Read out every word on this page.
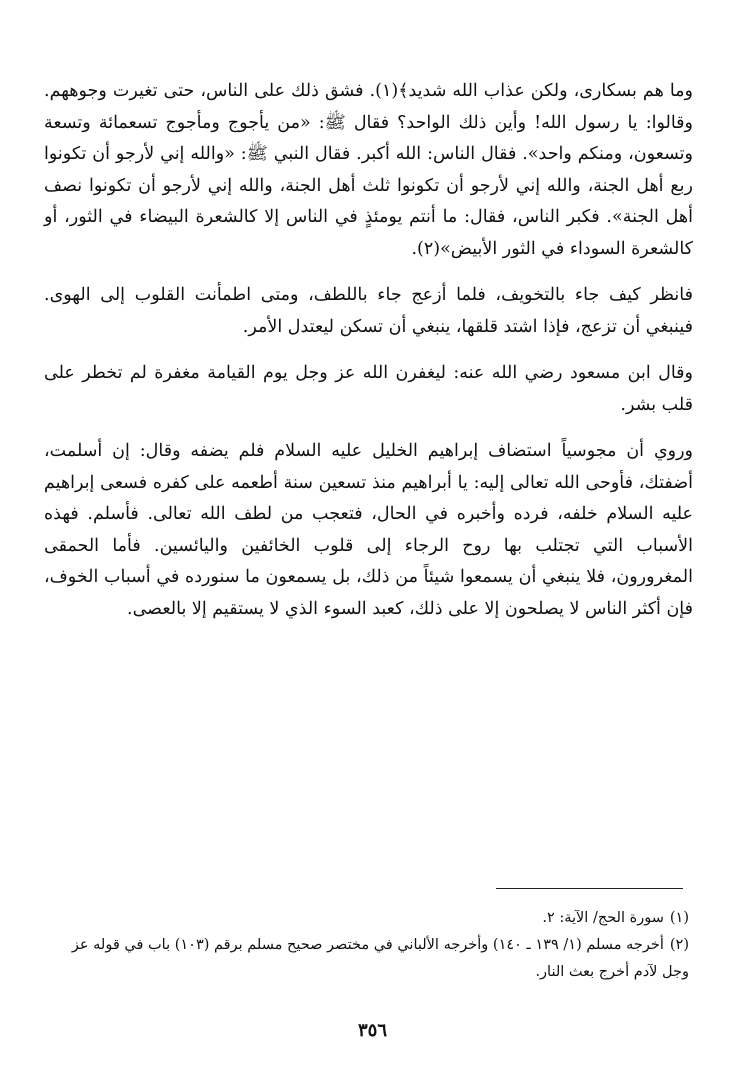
وما هم بسكارى، ولكن عذاب الله شديد﴾(١). فشق ذلك على الناس، حتى تغيرت وجوههم. وقالوا: يا رسول الله! وأين ذلك الواحد؟ فقال ﷺ: «من يأجوج ومأجوج تسعمائة وتسعة وتسعون، ومنكم واحد». فقال الناس: الله أكبر. فقال النبي ﷺ: «والله إني لأرجو أن تكونوا ربع أهل الجنة، والله إني لأرجو أن تكونوا ثلث أهل الجنة، والله إني لأرجو أن تكونوا نصف أهل الجنة». فكبر الناس، فقال: ما أنتم يومئذٍ في الناس إلا كالشعرة البيضاء في الثور، أو كالشعرة السوداء في الثور الأبيض»(٢).

فانظر كيف جاء بالتخويف، فلما أزعج جاء باللطف، ومتى اطمأنت القلوب إلى الهوى. فينبغي أن تزعج، فإذا اشتد قلقها، ينبغي أن تسكن ليعتدل الأمر.

وقال ابن مسعود رضي الله عنه: ليغفرن الله عز وجل يوم القيامة مغفرة لم تخطر على قلب بشر.

وروي أن مجوسياً استضاف إبراهيم الخليل عليه السلام فلم يضفه وقال: إن أسلمت، أضفتك، فأوحى الله تعالى إليه: يا أبراهيم منذ تسعين سنة أطعمه على كفره فسعى إبراهيم عليه السلام خلفه، فرده وأخبره في الحال، فتعجب من لطف الله تعالى. فأسلم. فهذه الأسباب التي تجتلب بها روح الرجاء إلى قلوب الخائفين واليائسين. فأما الحمقى المغرورون، فلا ينبغي أن يسمعوا شيئاً من ذلك، بل يسمعون ما سنورده في أسباب الخوف، فإن أكثر الناس لا يصلحون إلا على ذلك، كعبد السوء الذي لا يستقيم إلا بالعصى.

(١)سورة الحج/ الآية: ٢.

(٢)أخرجه مسلم (١/ ١٣٩ ـ ١٤٠) وأخرجه الألباني في مختصر صحيح مسلم برقم (١٠٣) باب في قوله عز وجل لآدم أخرج بعث النار.

٣٥٦
